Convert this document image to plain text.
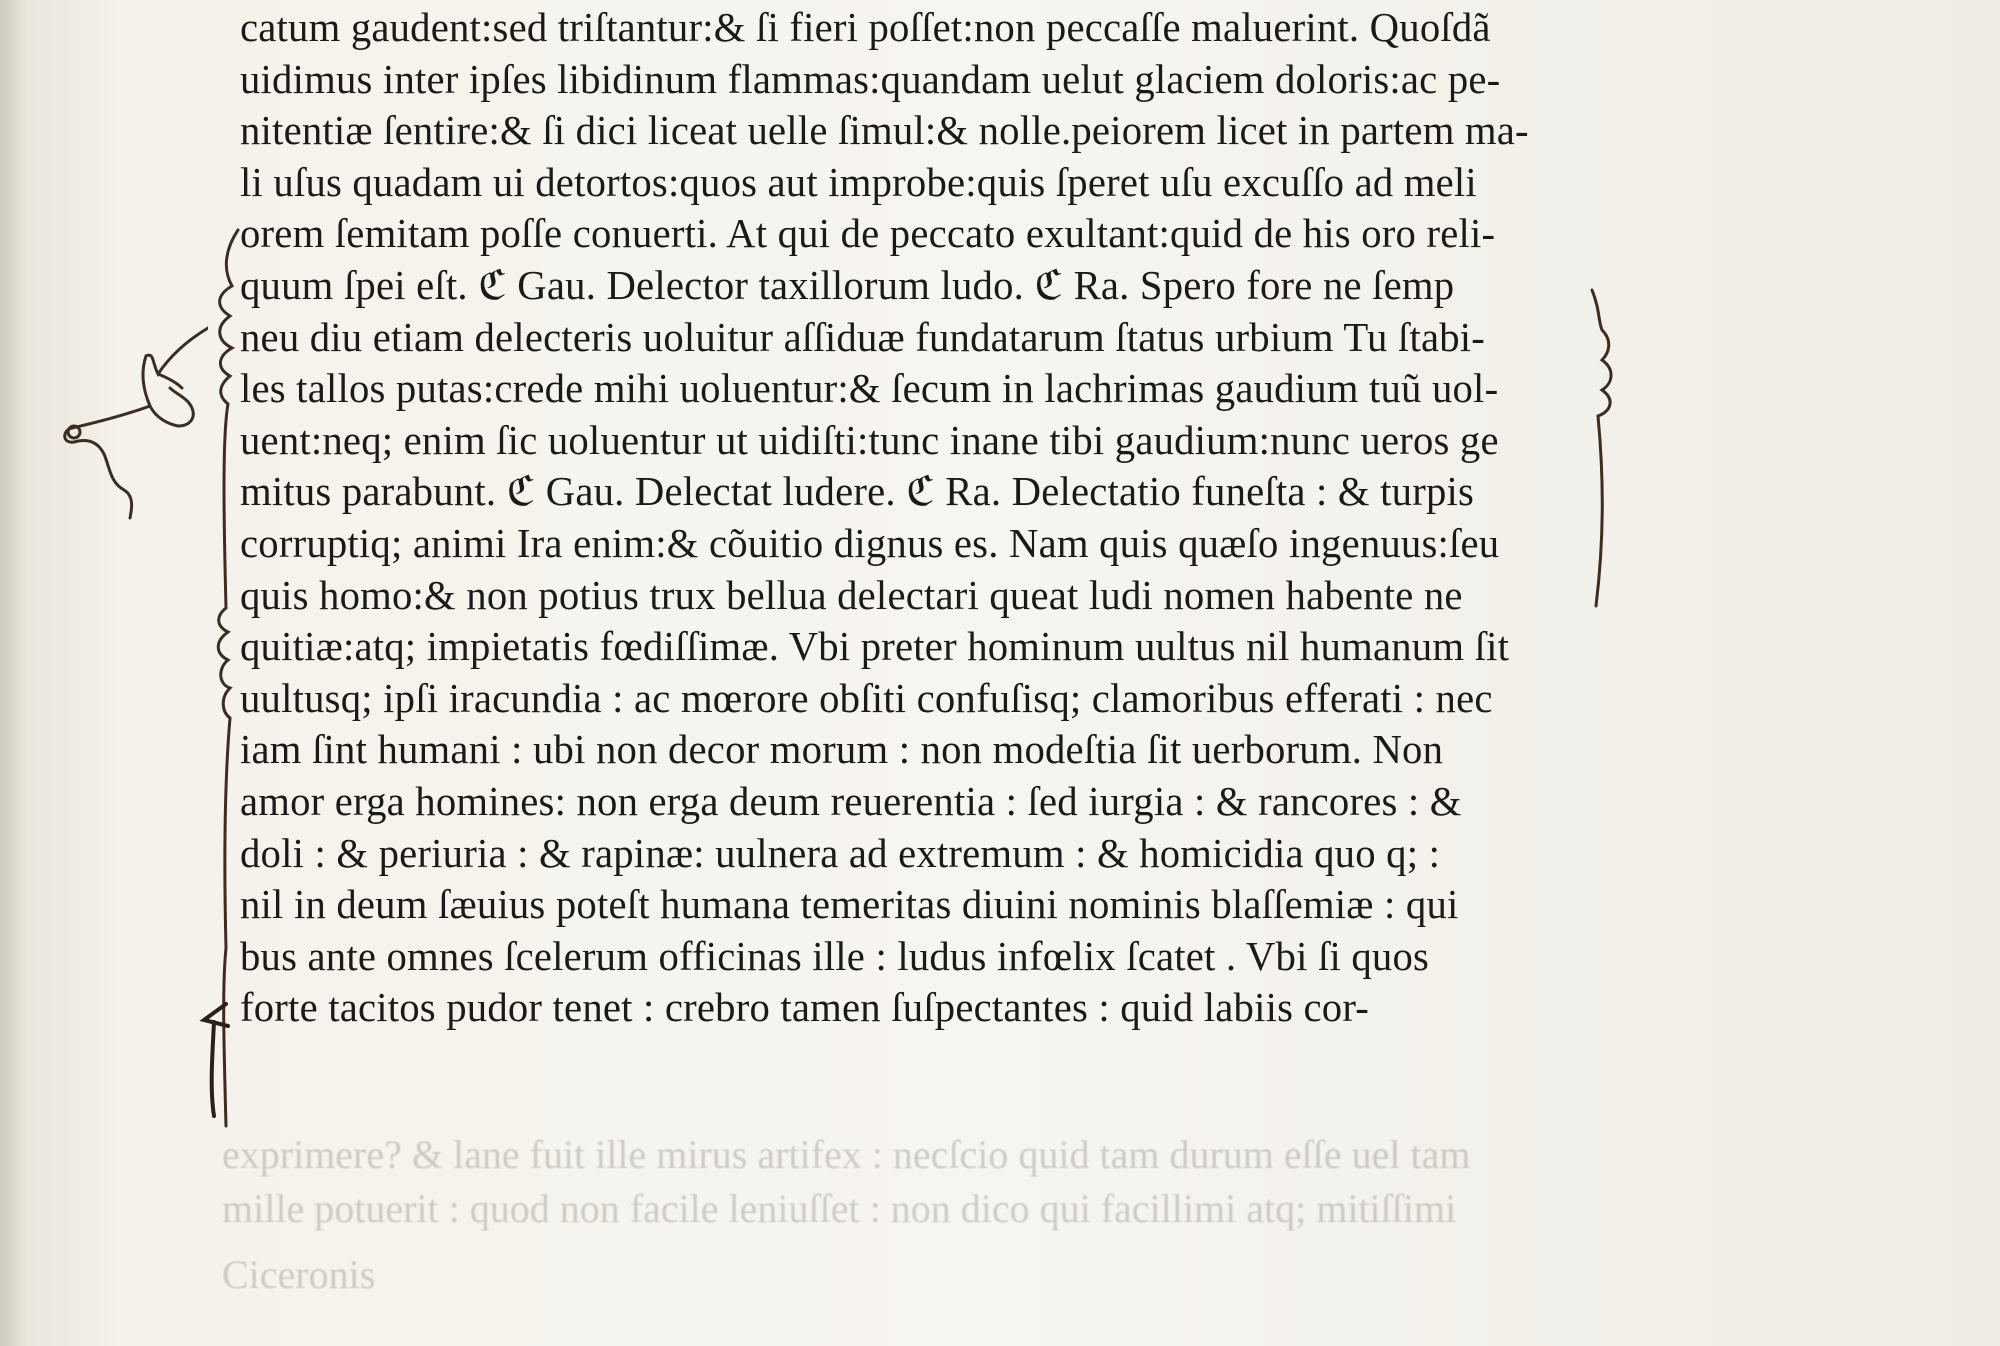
exprimere? & lane fuit ille mirus artifex : necſcio quid tam durum eſſe uel tam
mille potuerit : quod non facile leniuſſet : non dico qui facillimi atq; mitiſſimi
Ciceronis
catum gaudent:sed triſtantur:& ſi fieri poſſet:non peccaſſe maluerint. Quoſdã
uidimus inter ipſes libidinum flammas:quandam uelut glaciem doloris:ac pe-
nitentiæ ſentire:& ſi dici liceat uelle ſimul:& nolle.peiorem licet in partem ma-
li uſus quadam ui detortos:quos aut improbe:quis ſperet uſu excuſſo ad meli
orem ſemitam poſſe conuerti. At qui de peccato exultant:quid de his oro reli-
quum ſpei eſt. ℭ Gau. Delector taxillorum ludo. ℭ Ra. Spero fore ne ſemp
neu diu etiam delecteris uoluitur aſſiduæ fundatarum ſtatus urbium Tu ſtabi-
les tallos putas:crede mihi uoluentur:& ſecum in lachrimas gaudium tuũ uol-
uent:neq; enim ſic uoluentur ut uidiſti:tunc inane tibi gaudium:nunc ueros ge
mitus parabunt. ℭ Gau. Delectat ludere. ℭ Ra. Delectatio funeſta : & turpis
corruptiq; animi Ira enim:& cõuitio dignus es. Nam quis quæſo ingenuus:ſeu
quis homo:& non potius trux bellua delectari queat ludi nomen habente ne
quitiæ:atq; impietatis fœdiſſimæ. Vbi preter hominum uultus nil humanum ſit
uultusq; ipſi iracundia : ac mœrore obſiti confuſisq; clamoribus efferati : nec
iam ſint humani : ubi non decor morum : non modeſtia ſit uerborum. Non
amor erga homines: non erga deum reuerentia : ſed iurgia : & rancores : &
doli : & periuria : & rapinæ: uulnera ad extremum : & homicidia quo q; :
nil in deum ſæuius poteſt humana temeritas diuini nominis blaſſemiæ : qui
bus ante omnes ſcelerum officinas ille : ludus infœlix ſcatet . Vbi ſi quos
forte tacitos pudor tenet : crebro tamen ſuſpectantes : quid labiis cor-
